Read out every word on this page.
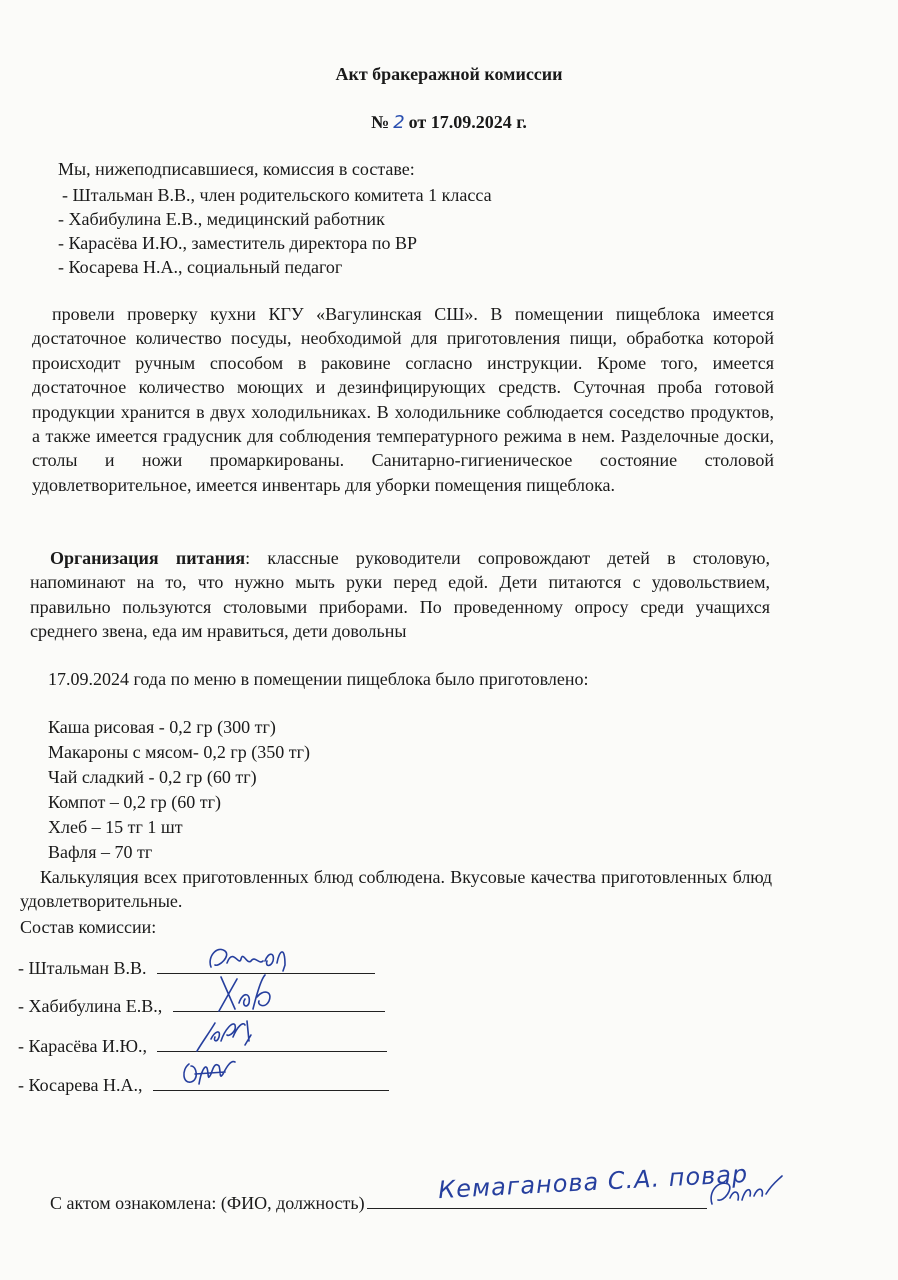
Акт бракеражной комиссии
№ 2 от 17.09.2024 г.
Мы, нижеподписавшиеся, комиссия в составе:
- Штальман В.В., член родительского комитета 1 класса
- Хабибулина Е.В., медицинский работник
- Карасёва И.Ю., заместитель директора по ВР
- Косарева Н.А., социальный педагог

провели проверку кухни КГУ «Вагулинская СШ». В помещении пищеблока имеется достаточное количество посуды, необходимой для приготовления пищи, обработка которой происходит ручным способом в раковине согласно инструкции. Кроме того, имеется достаточное количество моющих и дезинфицирующих средств. Суточная проба готовой продукции хранится в двух холодильниках. В холодильнике соблюдается соседство продуктов, а также имеется градусник для соблюдения температурного режима в нем. Разделочные доски, столы и ножи промаркированы. Санитарно-гигиеническое состояние столовой удовлетворительное, имеется инвентарь для уборки помещения пищеблока.

Организация питания: классные руководители сопровождают детей в столовую, напоминают на то, что нужно мыть руки перед едой. Дети питаются с удовольствием, правильно пользуются столовыми приборами. По проведенному опросу среди учащихся среднего звена, еда им нравиться, дети довольны

17.09.2024 года по меню в помещении пищеблока было приготовлено:
Каша рисовая - 0,2 гр (300 тг)
Макароны с мясом- 0,2 гр (350 тг)
Чай сладкий - 0,2 гр (60 тг)
Компот – 0,2 гр (60 тг)
Хлеб – 15 тг 1 шт
Вафля – 70 тг

Калькуляция всех приготовленных блюд соблюдена. Вкусовые качества приготовленных блюд удовлетворительные.

Состав комиссии:
- Штальман В.В.
- Хабибулина Е.В.,
- Карасёва И.Ю.,
- Косарева Н.А.,
С актом ознакомлена: (ФИО, должность)	Кемаганова С.А. повар
